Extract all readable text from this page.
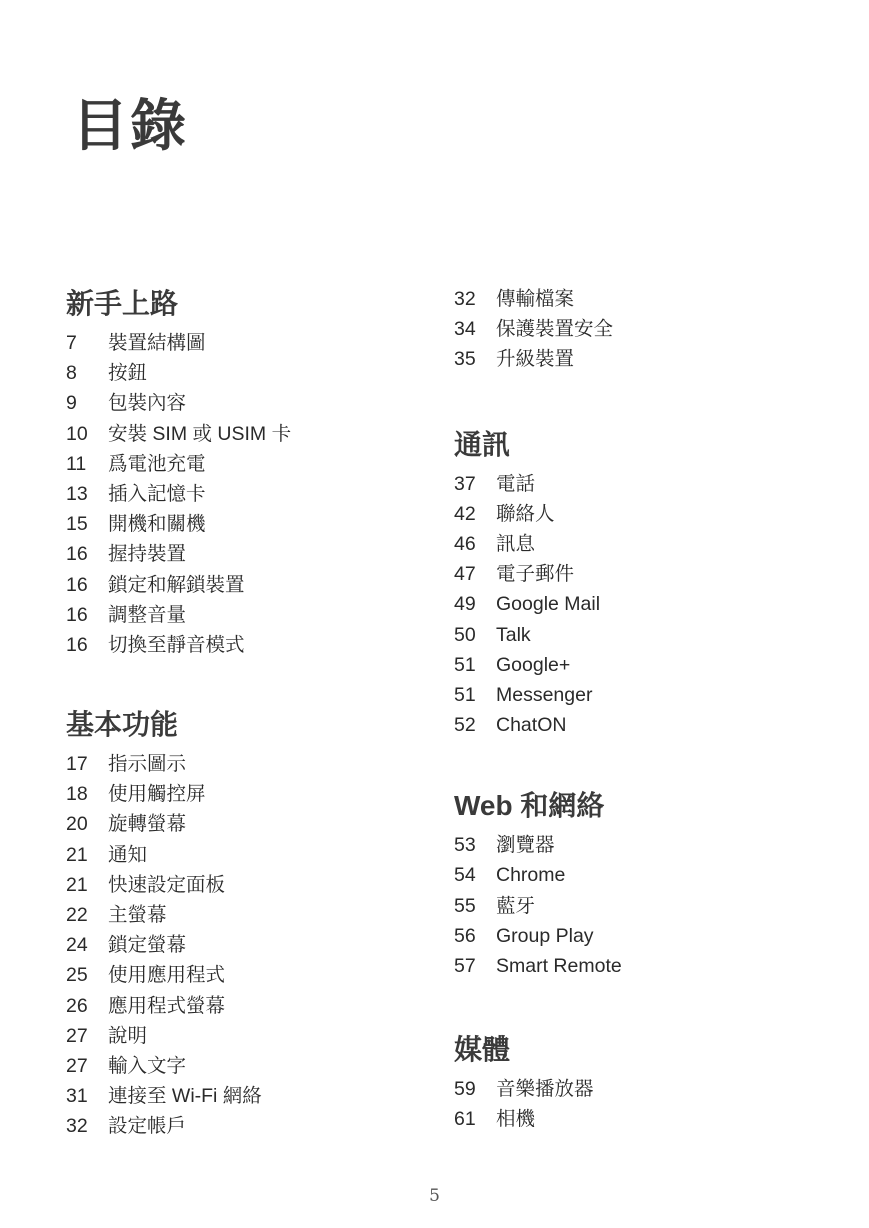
目錄
新手上路
7	裝置結構圖
8	按鈕
9	包裝內容
10	安裝 SIM 或 USIM 卡
11	爲電池充電
13	插入記憶卡
15	開機和關機
16	握持裝置
16	鎖定和解鎖裝置
16	調整音量
16	切換至靜音模式
基本功能
17	指示圖示
18	使用觸控屏
20	旋轉螢幕
21	通知
21	快速設定面板
22	主螢幕
24	鎖定螢幕
25	使用應用程式
26	應用程式螢幕
27	說明
27	輸入文字
31	連接至 Wi-Fi 網絡
32	設定帳戶
32	傳輸檔案
34	保護裝置安全
35	升級裝置
通訊
37	電話
42	聯絡人
46	訊息
47	電子郵件
49	Google Mail
50	Talk
51	Google+
51	Messenger
52	ChatON
Web 和網絡
53	瀏覽器
54	Chrome
55	藍牙
56	Group Play
57	Smart Remote
媒體
59	音樂播放器
61	相機
5
